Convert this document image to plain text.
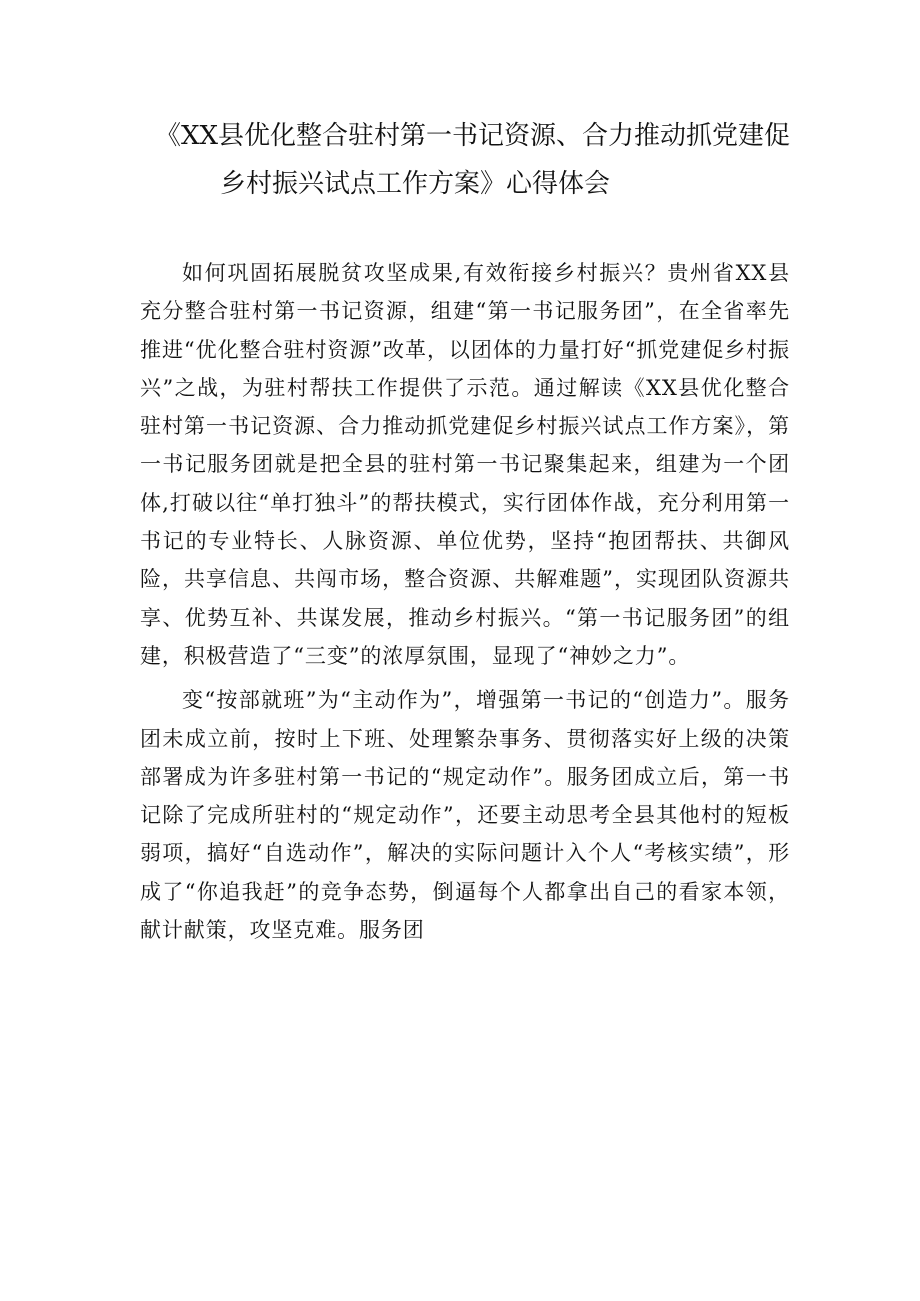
《XX县优化整合驻村第一书记资源、合力推动抓党建促
乡村振兴试点工作方案》心得体会

如何巩固拓展脱贫攻坚成果,有效衔接乡村振兴？贵州省XX县充分整合驻村第一书记资源，组建“第一书记服务团”，在全省率先推进“优化整合驻村资源”改革，以团体的力量打好“抓党建促乡村振兴”之战，为驻村帮扶工作提供了示范。通过解读《XX县优化整合驻村第一书记资源、合力推动抓党建促乡村振兴试点工作方案》，第一书记服务团就是把全县的驻村第一书记聚集起来，组建为一个团体,打破以往“单打独斗”的帮扶模式，实行团体作战，充分利用第一书记的专业特长、人脉资源、单位优势，坚持“抱团帮扶、共御风险，共享信息、共闯市场，整合资源、共解难题”，实现团队资源共享、优势互补、共谋发展，推动乡村振兴。“第一书记服务团”的组建，积极营造了“三变”的浓厚氛围，显现了“神妙之力”。

变“按部就班”为“主动作为”，增强第一书记的“创造力”。服务团未成立前，按时上下班、处理繁杂事务、贯彻落实好上级的决策部署成为许多驻村第一书记的“规定动作”。服务团成立后，第一书记除了完成所驻村的“规定动作”，还要主动思考全县其他村的短板弱项，搞好“自选动作”，解决的实际问题计入个人“考核实绩”，形成了“你追我赶”的竞争态势，倒逼每个人都拿出自己的看家本领，献计献策，攻坚克难。服务团
